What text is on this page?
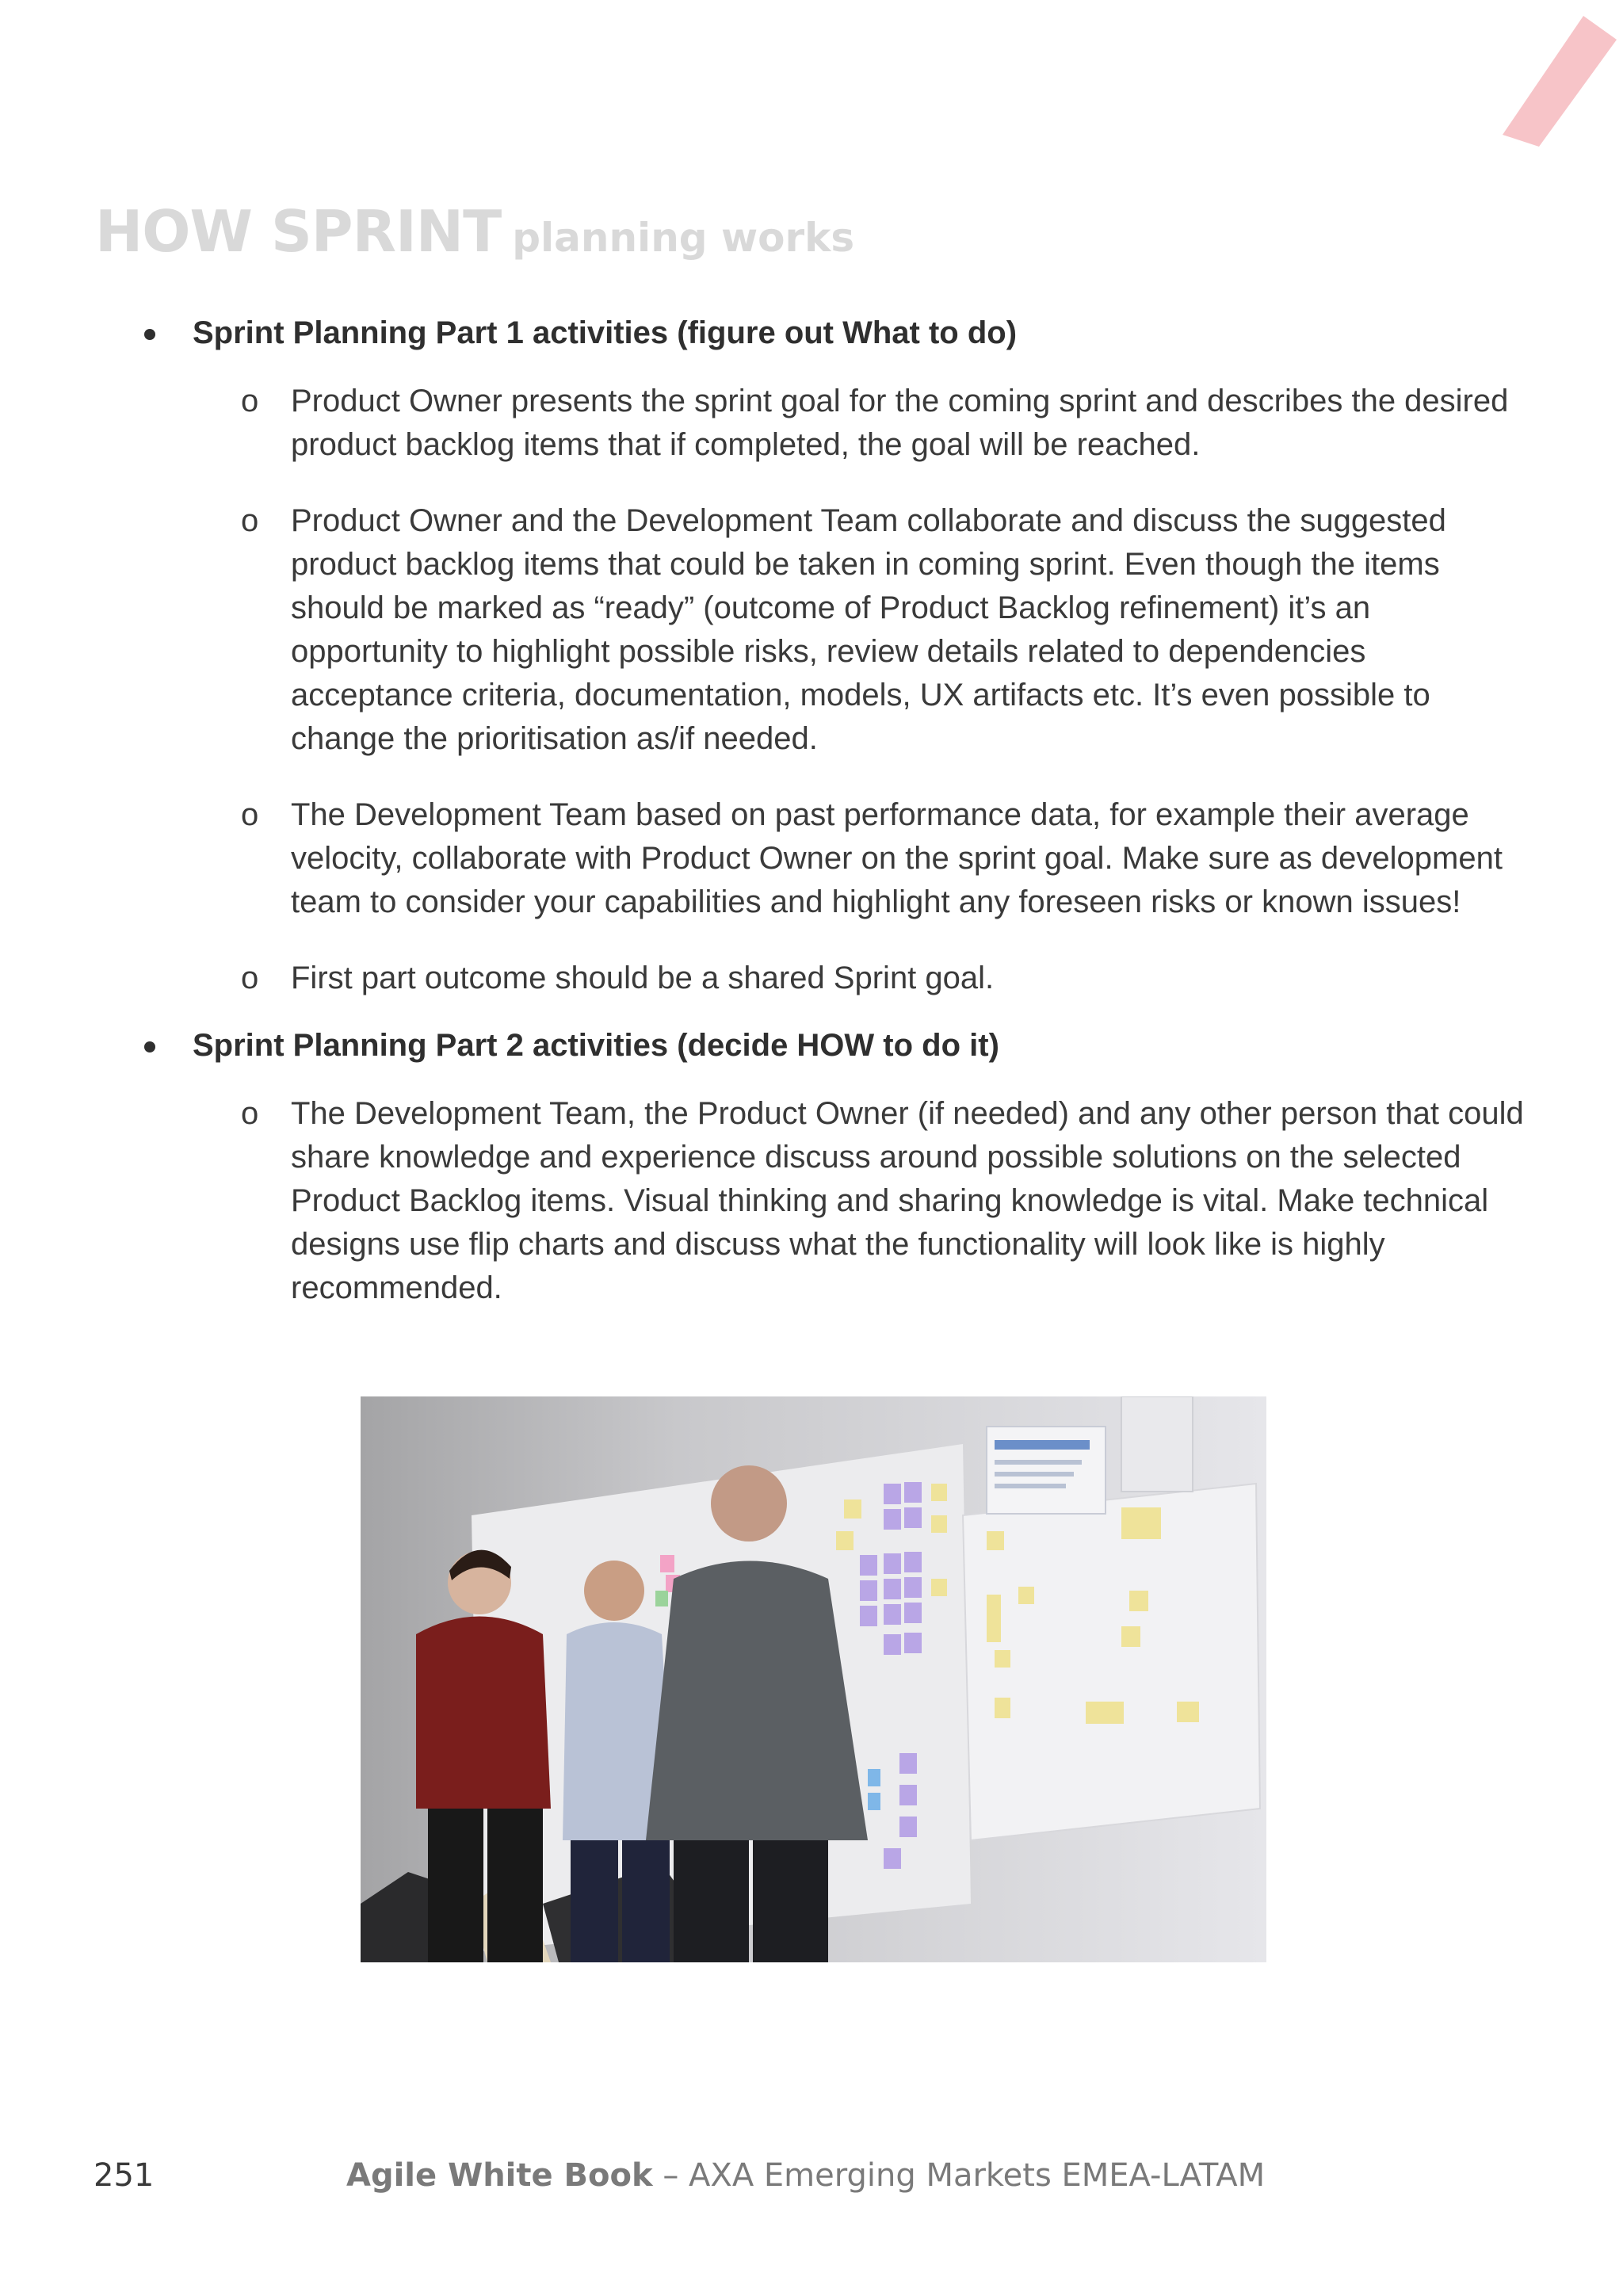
HOW SPRINT planning works
Sprint Planning Part 1 activities (figure out What to do)
o Product Owner presents the sprint goal for the coming sprint and describes the desired product backlog items that if completed, the goal will be reached.
o Product Owner and the Development Team collaborate and discuss the suggested product backlog items that could be taken in coming sprint. Even though the items should be marked as “ready” (outcome of Product Backlog refinement) it’s an opportunity to highlight possible risks, review details related to dependencies acceptance criteria, documentation, models, UX artifacts etc. It’s even possible to change the prioritisation as/if needed.
o The Development Team based on past performance data, for example their average velocity, collaborate with Product Owner on the sprint goal. Make sure as development team to consider your capabilities and highlight any foreseen risks or known issues!
o First part outcome should be a shared Sprint goal.
Sprint Planning Part 2 activities (decide HOW to do it)
o The Development Team, the Product Owner (if needed) and any other person that could share knowledge and experience discuss around possible solutions on the selected Product Backlog items. Visual thinking and sharing knowledge is vital. Make technical designs use flip charts and discuss what the functionality will look like is highly recommended.
251	Agile White Book – AXA Emerging Markets EMEA-LATAM
